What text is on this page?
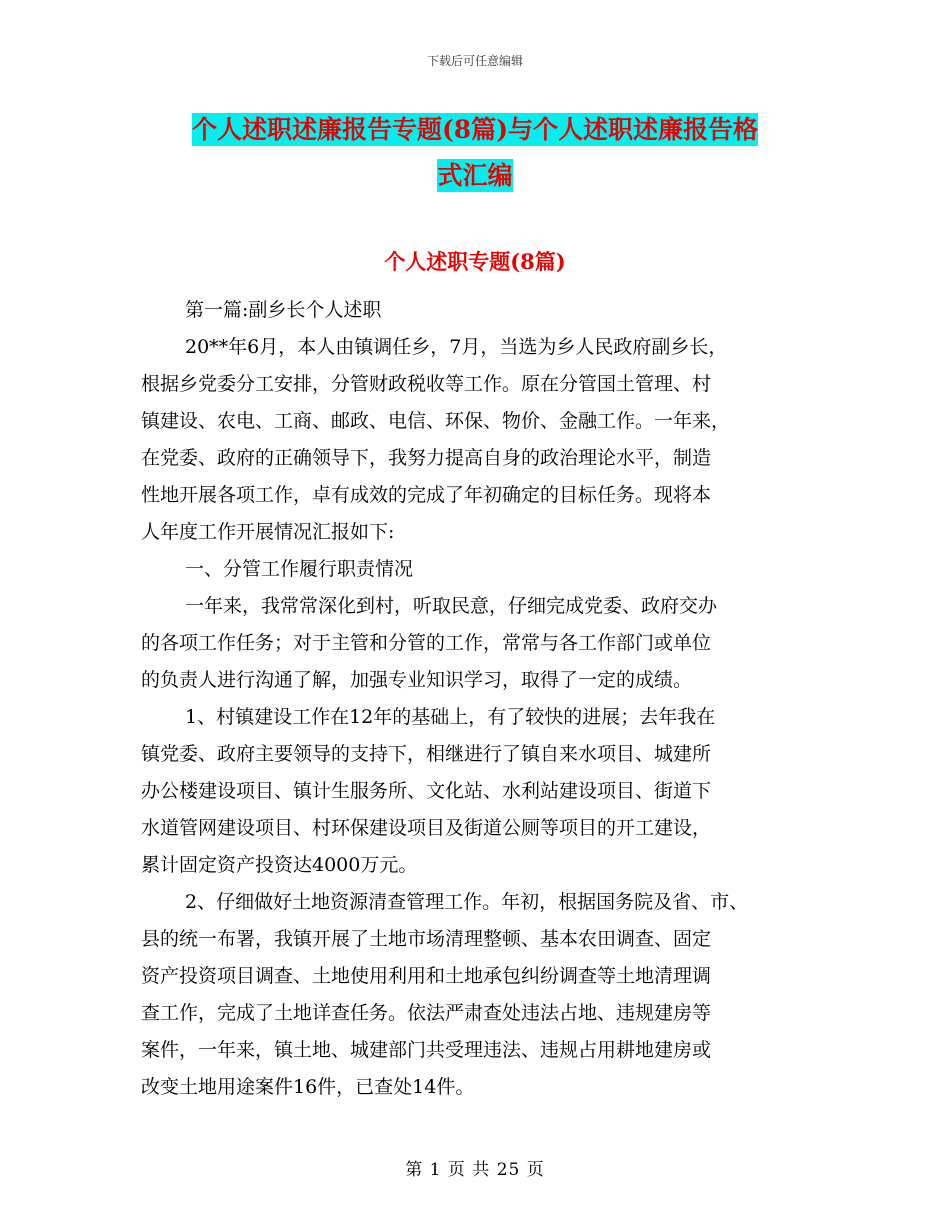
下载后可任意编辑
个人述职述廉报告专题(8篇)与个人述职述廉报告格
式汇编
个人述职专题(8篇)
第一篇:副乡长个人述职
20**年6月，本人由镇调任乡，7月，当选为乡人民政府副乡长，
根据乡党委分工安排，分管财政税收等工作。原在分管国土管理、村
镇建设、农电、工商、邮政、电信、环保、物价、金融工作。一年来，
在党委、政府的正确领导下，我努力提高自身的政治理论水平，制造
性地开展各项工作，卓有成效的完成了年初确定的目标任务。现将本
人年度工作开展情况汇报如下:
一、分管工作履行职责情况
一年来，我常常深化到村，听取民意，仔细完成党委、政府交办
的各项工作任务；对于主管和分管的工作，常常与各工作部门或单位
的负责人进行沟通了解，加强专业知识学习，取得了一定的成绩。
1、村镇建设工作在12年的基础上，有了较快的进展；去年我在
镇党委、政府主要领导的支持下，相继进行了镇自来水项目、城建所
办公楼建设项目、镇计生服务所、文化站、水利站建设项目、街道下
水道管网建设项目、村环保建设项目及街道公厕等项目的开工建设，
累计固定资产投资达4000万元。
2、仔细做好土地资源清查管理工作。年初，根据国务院及省、市、
县的统一布署，我镇开展了土地市场清理整顿、基本农田调查、固定
资产投资项目调查、土地使用利用和土地承包纠纷调查等土地清理调
查工作，完成了土地详查任务。依法严肃查处违法占地、违规建房等
案件，一年来，镇土地、城建部门共受理违法、违规占用耕地建房或
改变土地用途案件16件，已查处14件。
第 1 页 共 25 页
